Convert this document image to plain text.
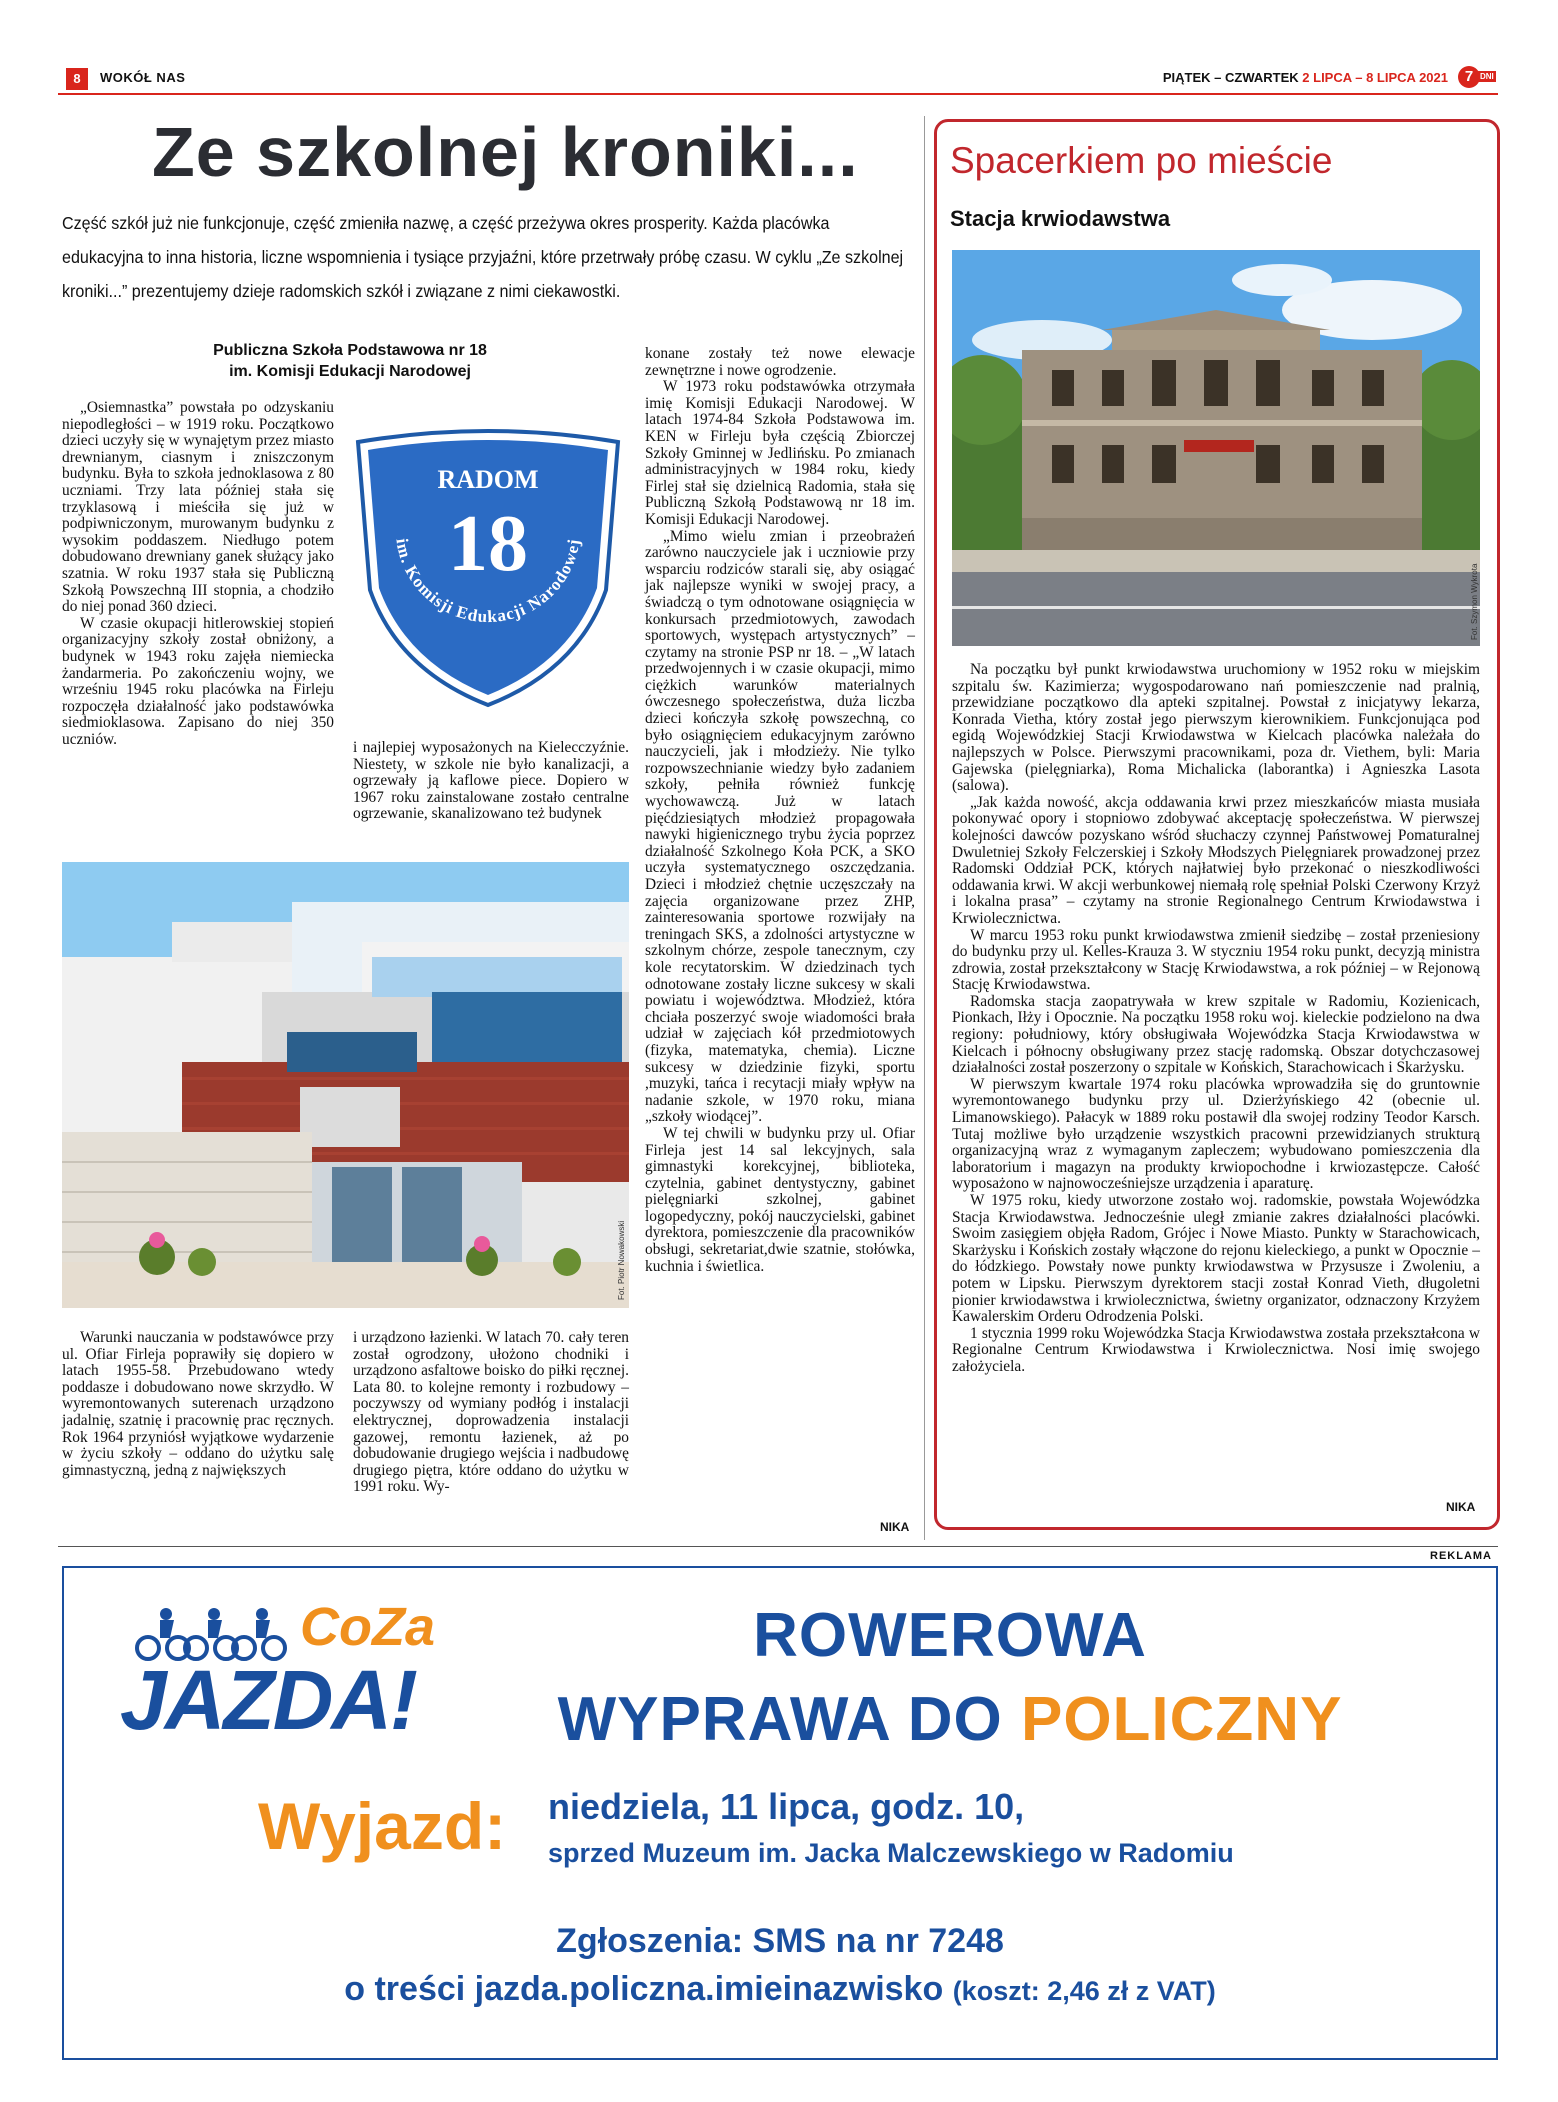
8	WOKÓŁ NAS	PIĄTEK – CZWARTEK 2 LIPCA – 8 LIPCA 2021	7 DNI
Ze szkolnej kroniki...
Część szkół już nie funkcjonuje, część zmieniła nazwę, a część przeżywa okres prosperity. Każda placówka edukacyjna to inna historia, liczne wspomnienia i tysiące przyjaźni, które przetrwały próbę czasu. W cyklu „Ze szkolnej kroniki...” prezentujemy dzieje radomskich szkół i związane z nimi ciekawostki.
Publiczna Szkoła Podstawowa nr 18
im. Komisji Edukacji Narodowej

„Osiemnastka” powstała po odzyskaniu niepodległości – w 1919 roku. Początkowo dzieci uczyły się w wynajętym przez miasto drewnianym, ciasnym i zniszczonym budynku. Była to szkoła jednoklasowa z 80 uczniami. Trzy lata później stała się trzyklasową i mieściła się już w podpiwniczonym, murowanym budynku z wysokim poddaszem. Niedługo potem dobudowano drewniany ganek służący jako szatnia. W roku 1937 stała się Publiczną Szkołą Powszechną III stopnia, a chodziło do niej ponad 360 dzieci.

W czasie okupacji hitlerowskiej stopień organizacyjny szkoły został obniżony, a budynek w 1943 roku zajęła niemiecka żandarmeria. Po zakończeniu wojny, we wrześniu 1945 roku placówka na Firleju rozpoczęła działalność jako podstawówka siedmioklasowa. Zapisano do niej 350 uczniów.

RADOM
18
im. Komisji Edukacji Narodowej

i najlepiej wyposażonych na Kielecczyźnie. Niestety, w szkole nie było kanalizacji, a ogrzewały ją kaflowe piece. Dopiero w 1967 roku zainstalowane zostało centralne ogrzewanie, skanalizowano też budynek

Fot. Piotr Nowakowski

Warunki nauczania w podstawówce przy ul. Ofiar Firleja poprawiły się dopiero w latach 1955-58. Przebudowano wtedy poddasze i dobudowano nowe skrzydło. W wyremontowanych suterenach urządzono jadalnię, szatnię i pracownię prac ręcznych. Rok 1964 przyniósł wyjątkowe wydarzenie w życiu szkoły – oddano do użytku salę gimnastyczną, jedną z największych

i urządzono łazienki. W latach 70. cały teren został ogrodzony, ułożono chodniki i urządzono asfaltowe boisko do piłki ręcznej. Lata 80. to kolejne remonty i rozbudowy – poczywszy od wymiany podłóg i instalacji elektrycznej, doprowadzenia instalacji gazowej, remontu łazienek, aż po dobudowanie drugiego wejścia i nadbudowę drugiego piętra, które oddano do użytku w 1991 roku. Wy-

konane zostały też nowe elewacje zewnętrzne i nowe ogrodzenie.

W 1973 roku podstawówka otrzymała imię Komisji Edukacji Narodowej. W latach 1974-84 Szkoła Podstawowa im. KEN w Firleju była częścią Zbiorczej Szkoły Gminnej w Jedlińsku. Po zmianach administracyjnych w 1984 roku, kiedy Firlej stał się dzielnicą Radomia, stała się Publiczną Szkołą Podstawową nr 18 im. Komisji Edukacji Narodowej.

„Mimo wielu zmian i przeobrażeń zarówno nauczyciele jak i uczniowie przy wsparciu rodziców starali się, aby osiągać jak najlepsze wyniki w swojej pracy, a świadczą o tym odnotowane osiągnięcia w konkursach przedmiotowych, zawodach sportowych, występach artystycznych” – czytamy na stronie PSP nr 18. – „W latach przedwojennych i w czasie okupacji, mimo ciężkich warunków materialnych ówczesnego społeczeństwa, duża liczba dzieci kończyła szkołę powszechną, co było osiągnięciem edukacyjnym zarówno nauczycieli, jak i młodzieży. Nie tylko rozpowszechnianie wiedzy było zadaniem szkoły, pełniła również funkcję wychowawczą. Już w latach pięćdziesiątych młodzież propagowała nawyki higienicznego trybu życia poprzez działalność Szkolnego Koła PCK, a SKO uczyła systematycznego oszczędzania. Dzieci i młodzież chętnie uczęszczały na zajęcia organizowane przez ZHP, zainteresowania sportowe rozwijały na treningach SKS, a zdolności artystyczne w szkolnym chórze, zespole tanecznym, czy kole recytatorskim. W dziedzinach tych odnotowane zostały liczne sukcesy w skali powiatu i województwa. Młodzież, która chciała poszerzyć swoje wiadomości brała udział w zajęciach kół przedmiotowych (fizyka, matematyka, chemia). Liczne sukcesy w dziedzinie fizyki, sportu ,muzyki, tańca i recytacji miały wpływ na nadanie szkole, w 1970 roku, miana „szkoły wiodącej”.

W tej chwili w budynku przy ul. Ofiar Firleja jest 14 sal lekcyjnych, sala gimnastyki korekcyjnej, biblioteka, czytelnia, gabinet dentystyczny, gabinet pielęgniarki szkolnej, gabinet logopedyczny, pokój nauczycielski, gabinet dyrektora, pomieszczenie dla pracowników obsługi, sekretariat,dwie szatnie, stołówka, kuchnia i świetlica.

NIKA
Spacerkiem po mieście
Stacja krwiodawstwa
Fot. Szymon Wykrota

Na początku był punkt krwiodawstwa uruchomiony w 1952 roku w miejskim szpitalu św. Kazimierza; wygospodarowano nań pomieszczenie nad pralnią, przewidziane początkowo dla apteki szpitalnej. Powstał z inicjatywy lekarza, Konrada Vietha, który został jego pierwszym kierownikiem. Funkcjonująca pod egidą Wojewódzkiej Stacji Krwiodawstwa w Kielcach placówka należała do najlepszych w Polsce. Pierwszymi pracownikami, poza dr. Viethem, byli: Maria Gajewska (pielęgniarka), Roma Michalicka (laborantka) i Agnieszka Lasota (salowa).

„Jak każda nowość, akcja oddawania krwi przez mieszkańców miasta musiała pokonywać opory i stopniowo zdobywać akceptację społeczeństwa. W pierwszej kolejności dawców pozyskano wśród słuchaczy czynnej Państwowej Pomaturalnej Dwuletniej Szkoły Felczerskiej i Szkoły Młodszych Pielęgniarek prowadzonej przez Radomski Oddział PCK, których najłatwiej było przekonać o nieszkodliwości oddawania krwi. W akcji werbunkowej niemałą rolę spełniał Polski Czerwony Krzyż i lokalna prasa” – czytamy na stronie Regionalnego Centrum Krwiodawstwa i Krwiolecznictwa.

W marcu 1953 roku punkt krwiodawstwa zmienił siedzibę – został przeniesiony do budynku przy ul. Kelles-Krauza 3. W styczniu 1954 roku punkt, decyzją ministra zdrowia, został przekształcony w Stację Krwiodawstwa, a rok później – w Rejonową Stację Krwiodawstwa.

Radomska stacja zaopatrywała w krew szpitale w Radomiu, Kozienicach, Pionkach, Iłży i Opocznie. Na początku 1958 roku woj. kieleckie podzielono na dwa regiony: południowy, który obsługiwała Wojewódzka Stacja Krwiodawstwa w Kielcach i północny obsługiwany przez stację radomską. Obszar dotychczasowej działalności został poszerzony o szpitale w Końskich, Starachowicach i Skarżysku.

W pierwszym kwartale 1974 roku placówka wprowadziła się do gruntownie wyremontowanego budynku przy ul. Dzierżyńskiego 42 (obecnie ul. Limanowskiego). Pałacyk w 1889 roku postawił dla swojej rodziny Teodor Karsch. Tutaj możliwe było urządzenie wszystkich pracowni przewidzianych strukturą organizacyjną wraz z wymaganym zapleczem; wybudowano pomieszczenia dla laboratorium i magazyn na produkty krwiopochodne i krwiozastępcze. Całość wyposażono w najnowocześniejsze urządzenia i aparaturę.

W 1975 roku, kiedy utworzone zostało woj. radomskie, powstała Wojewódzka Stacja Krwiodawstwa. Jednocześnie uległ zmianie zakres działalności placówki. Swoim zasięgiem objęła Radom, Grójec i Nowe Miasto. Punkty w Starachowicach, Skarżysku i Końskich zostały włączone do rejonu kieleckiego, a punkt w Opocznie – do łódzkiego. Powstały nowe punkty krwiodawstwa w Przysusze i Zwoleniu, a potem w Lipsku. Pierwszym dyrektorem stacji został Konrad Vieth, długoletni pionier krwiodawstwa i krwiolecznictwa, świetny organizator, odznaczony Krzyżem Kawalerskim Orderu Odrodzenia Polski.

1 stycznia 1999 roku Wojewódzka Stacja Krwiodawstwa została przekształcona w Regionalne Centrum Krwiodawstwa i Krwiolecznictwa. Nosi imię swojego założyciela.

NIKA
REKLAMA
CoZa
JAZDA!
ROWEROWA
WYPRAWA DO POLICZNY
Wyjazd: niedziela, 11 lipca, godz. 10,
sprzed Muzeum im. Jacka Malczewskiego w Radomiu
Zgłoszenia: SMS na nr 7248
o treści jazda.policzna.imieinazwisko (koszt: 2,46 zł z VAT)
